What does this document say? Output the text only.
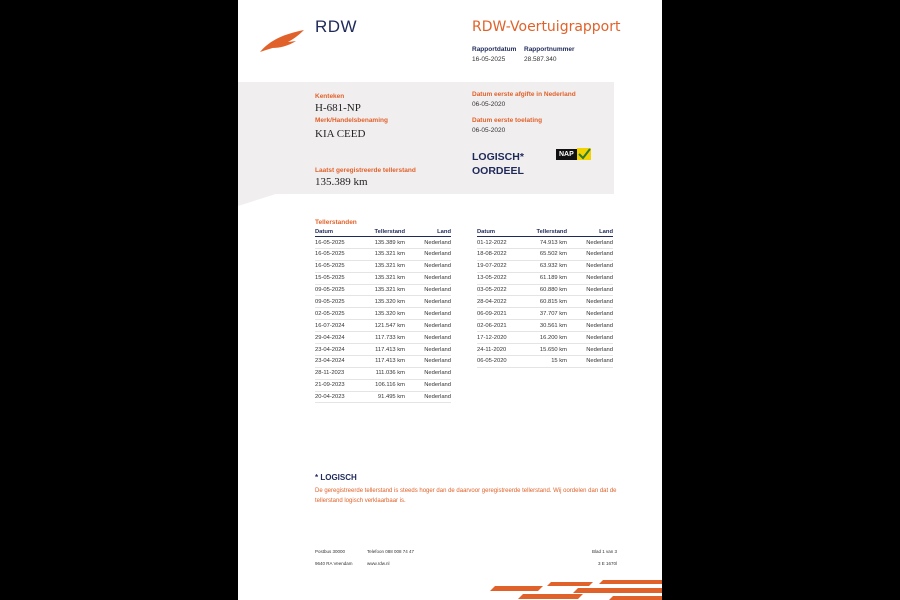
RDW	RDW-Voertuigrapport
Rapportdatum
16-05-2025
Rapportnummer
28.587.340
Kenteken
H-681-NP
Merk/Handelsbenaming
KIA CEED
Laatst geregistreerde tellerstand
135.389 km
Datum eerste afgifte in Nederland
06-05-2020
Datum eerste toelating
06-05-2020
LOGISCH*
OORDEEL
NAP
Tellerstanden
Datum	Tellerstand	Land
16-05-2025	135.389 km	Nederland
16-05-2025	135.321 km	Nederland
16-05-2025	135.321 km	Nederland
15-05-2025	135.321 km	Nederland
09-05-2025	135.321 km	Nederland
09-05-2025	135.320 km	Nederland
02-05-2025	135.320 km	Nederland
16-07-2024	121.547 km	Nederland
29-04-2024	117.733 km	Nederland
23-04-2024	117.413 km	Nederland
23-04-2024	117.413 km	Nederland
28-11-2023	111.036 km	Nederland
21-09-2023	106.116 km	Nederland
20-04-2023	91.495 km	Nederland
Datum	Tellerstand	Land
01-12-2022	74.913 km	Nederland
18-08-2022	65.502 km	Nederland
19-07-2022	63.932 km	Nederland
13-05-2022	61.189 km	Nederland
03-05-2022	60.880 km	Nederland
28-04-2022	60.815 km	Nederland
06-09-2021	37.707 km	Nederland
02-06-2021	30.561 km	Nederland
17-12-2020	16.200 km	Nederland
24-11-2020	15.650 km	Nederland
06-05-2020	15 km	Nederland
* LOGISCH
De geregistreerde tellerstand is steeds hoger dan de daarvoor geregistreerde tellerstand. Wij oordelen dan dat de tellerstand logisch verklaarbaar is.
Postbus 30000
9640 RA Veendam
Telefoon 088 008 74 47
www.rdw.nl
Blad 1 van 3
3 E 1670l
